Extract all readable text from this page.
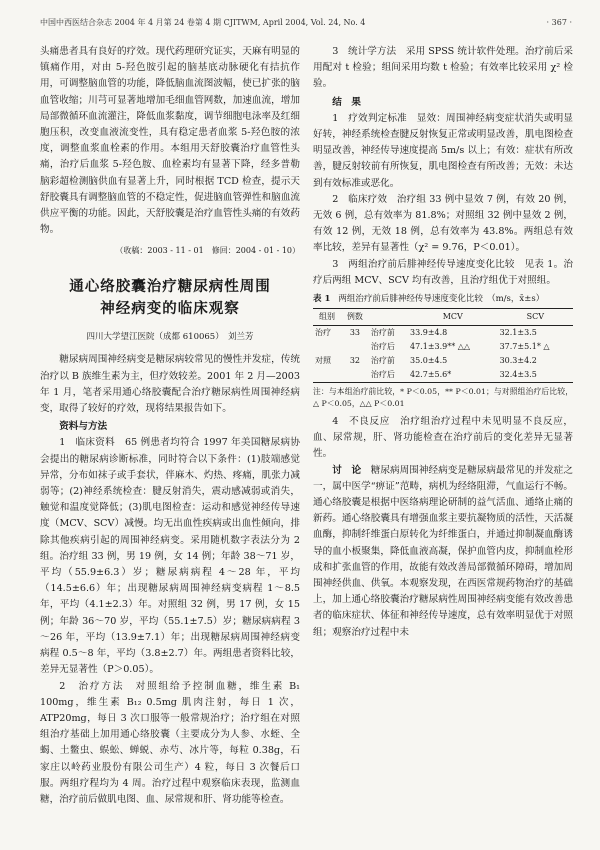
中国中西医结合杂志 2004 年 4 月第 24 卷第 4 期 CJITWM, April 2004, Vol. 24, No. 4	· 367 ·

头痛患者具有良好的疗效。现代药理研究证实，天麻有明显的镇痛作用，对由 5-羟色胺引起的脑基底动脉硬化有拮抗作用，可调整脑血管的功能，降低脑血流图波幅，使已扩张的脑血管收缩；川芎可显著地增加毛细血管网数，加速血流，增加局部微循环血流灌注，降低血浆黏度，调节细胞电泳率及红细胞压积，改变血液流变性，具有稳定患者血浆 5-羟色胺的浓度，调整血浆血栓素的作用。本组用天舒胶囊治疗血管性头痛，治疗后血浆 5-羟色胺、血栓素均有显著下降，经多普勒脑彩超检测脑供血有显著上升，同时根据 TCD 检查，提示天舒胶囊具有调整脑血管的不稳定性，促进脑血管弹性和脑血流供应平衡的功能。因此，天舒胶囊是治疗血管性头痛的有效药物。

（收稿：2003 - 11 - 01　修回：2004 - 01 - 10）

通心络胶囊治疗糖尿病性周围
神经病变的临床观察
四川大学望江医院（成都 610065）　刘兰芳

糖尿病周围神经病变是糖尿病较常见的慢性并发症，传统治疗以 B 族维生素为主，但疗效较差。2001 年 2 月—2003 年 1 月，笔者采用通心络胶囊配合治疗糖尿病性周围神经病变，取得了较好的疗效，现将结果报告如下。

资料与方法

1　临床资料　65 例患者均符合 1997 年美国糖尿病协会提出的糖尿病诊断标准，同时符合以下条件：(1)肢端感觉异常，分布如袜子或手套状，伴麻木、灼热、疼痛，肌张力减弱等；(2)神经系统检查：腱反射消失，震动感减弱或消失，触觉和温度觉降低；(3)肌电图检查：运动和感觉神经传导速度（MCV、SCV）减慢。均无出血性疾病或出血性倾向，排除其他疾病引起的周围神经病变。采用随机数字表法分为 2 组。治疗组 33 例，男 19 例，女 14 例；年龄 38～71 岁，平均（55.9±6.3）岁；糖尿病病程 4～28 年，平均（14.5±6.6）年；出现糖尿病周围神经病变病程 1～8.5 年，平均（4.1±2.3）年。对照组 32 例，男 17 例，女 15 例；年龄 36～70 岁，平均（55.1±7.5）岁；糖尿病病程 3～26 年，平均（13.9±7.1）年；出现糖尿病周围神经病变病程 0.5～8 年，平均（3.8±2.7）年。两组患者资料比较，差异无显著性（P＞0.05）。

2　治疗方法　对照组给予控制血糖，维生素 B₁ 100mg，维生素 B₁₂ 0.5mg 肌肉注射，每日 1 次，ATP20mg，每日 3 次口服等一般常规治疗；治疗组在对照组治疗基础上加用通心络胶囊（主要成分为人参、水蛭、全蝎、土鳖虫、蜈蚣、蝉蜕、赤芍、冰片等，每粒 0.38g，石家庄以岭药业股份有限公司生产）4 粒，每日 3 次餐后口服。两组疗程均为 4 周。治疗过程中观察临床表现，监测血糖，治疗前后做肌电图、血、尿常规和肝、肾功能等检查。

3　统计学方法　采用 SPSS 统计软件处理。治疗前后采用配对 t 检验；组间采用均数 t 检验；有效率比较采用 χ² 检验。

结　果

1　疗效判定标准　显效：周围神经病变症状消失或明显好转，神经系统检查腱反射恢复正常或明显改善，肌电图检查明显改善，神经传导速度提高 5m/s 以上；有效：症状有所改善，腱反射较前有所恢复，肌电图检查有所改善；无效：未达到有效标准或恶化。

2　临床疗效　治疗组 33 例中显效 7 例，有效 20 例，无效 6 例，总有效率为 81.8%；对照组 32 例中显效 2 例，有效 12 例，无效 18 例，总有效率为 43.8%。两组总有效率比较，差异有显著性（χ² = 9.76，P＜0.01）。

3　两组治疗前后腓神经传导速度变化比较　见表 1。治疗后两组 MCV、SCV 均有改善，且治疗组优于对照组。

表 1 两组治疗前后腓神经传导速度变化比较　（m/s，x̄±s）
组别	例数		MCV	SCV
治疗	33	治疗前	33.9±4.8	32.1±3.5
		治疗后	47.1±3.9** △△	37.7±5.1* △
对照	32	治疗前	35.0±4.5	30.3±4.2
		治疗后	42.7±5.6*	32.4±3.5

注：与本组治疗前比较，* P＜0.05，** P＜0.01；与对照组治疗后比较，△ P＜0.05，△△ P＜0.01

4　不良反应　治疗组治疗过程中未见明显不良反应，血、尿常规，肝、肾功能检查在治疗前后的变化差异无显著性。

讨　论　 糖尿病周围神经病变是糖尿病最常见的并发症之一，属中医学“痹证”范畴，病机为经络阻滞，气血运行不畅。通心络胶囊是根据中医络病理论研制的益气活血、通络止痛的新药。通心络胶囊具有增强血浆主要抗凝物质的活性，天活凝血酶，抑制纤维蛋白原转化为纤维蛋白，并通过抑制凝血酶诱导的血小板聚集，降低血液高凝，保护血管内皮，抑制血栓形成和扩张血管的作用，故能有效改善局部微循环障碍，增加周围神经供血、供氧。本观察发现，在西医常规药物治疗的基础上，加上通心络胶囊治疗糖尿病性周围神经病变能有效改善患者的临床症状、体征和神经传导速度，总有效率明显优于对照组；观察治疗过程中未
